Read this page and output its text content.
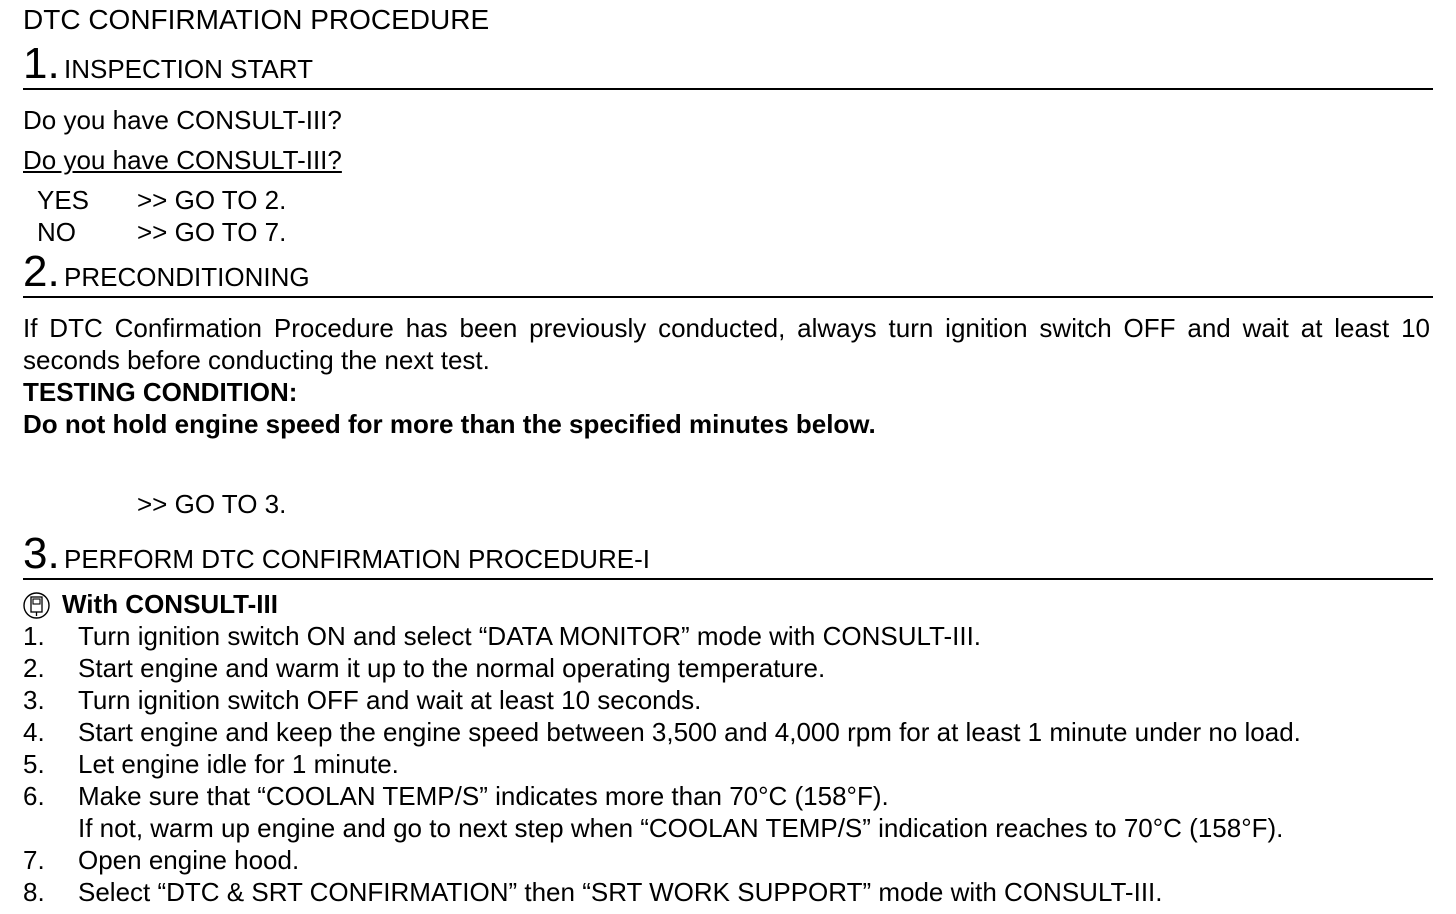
DTC CONFIRMATION PROCEDURE
1. INSPECTION START
Do you have CONSULT-III?
Do you have CONSULT-III?
YES >> GO TO 2.
NO >> GO TO 7.
2. PRECONDITIONING
If DTC Confirmation Procedure has been previously conducted, always turn ignition switch OFF and wait at least 10 seconds before conducting the next test.
TESTING CONDITION:
Do not hold engine speed for more than the specified minutes below.
>> GO TO 3.
3. PERFORM DTC CONFIRMATION PROCEDURE-I
With CONSULT-III
1.	Turn ignition switch ON and select “DATA MONITOR” mode with CONSULT-III.
2.	Start engine and warm it up to the normal operating temperature.
3.	Turn ignition switch OFF and wait at least 10 seconds.
4.	Start engine and keep the engine speed between 3,500 and 4,000 rpm for at least 1 minute under no load.
5.	Let engine idle for 1 minute.
6.	Make sure that “COOLAN TEMP/S” indicates more than 70°C (158°F).
If not, warm up engine and go to next step when “COOLAN TEMP/S” indication reaches to 70°C (158°F).
7.	Open engine hood.
8.	Select “DTC & SRT CONFIRMATION” then “SRT WORK SUPPORT” mode with CONSULT-III.
